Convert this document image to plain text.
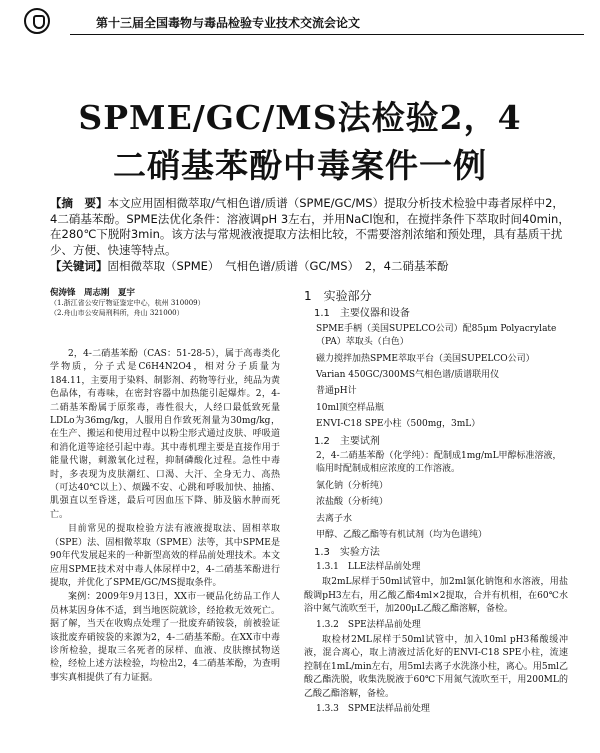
第十三届全国毒物与毒品检验专业技术交流会论文
SPME/GC/MS法检验2，4
二硝基苯酚中毒案件一例

【摘　要】本文应用固相微萃取/气相色谱/质谱（SPME/GC/MS）提取分析技术检验中毒者尿样中2，4二硝基苯酚。SPME法优化条件：溶液调pH 3左右，并用NaCl饱和，在搅拌条件下萃取时间40min，在280℃下脱附3min。该方法与常规液液提取方法相比较，不需要溶剂浓缩和预处理，具有基质干扰少、方便、快速等特点。

【关键词】固相微萃取（SPME）　气相色谱/质谱（GC/MS）　2，4二硝基苯酚
倪涛锋　周志刚　夏宇
（1.浙江省公安厅物证鉴定中心，杭州 310009）
（2.舟山市公安局刑科所，舟山 321000）

2，4-二硝基苯酚（CAS：51-28-5），属于高毒类化学物质，分子式是C6H4N2O4，相对分子质量为184.11，主要用于染料、制影剂、药物等行业，纯品为黄色晶体，有毒味，在密封容器中加热能引起爆炸。2，4-二硝基苯酚属于原浆毒，毒性很大，人经口最低致死量LDLo为36mg/kg，人服用自作致死剂量为30mg/kg，在生产、搬运和使用过程中以粉尘形式通过皮肤、呼吸道和消化道等途径引起中毒。其中毒机理主要是直接作用于能量代谢，刺激氧化过程，抑制磷酸化过程。急性中毒时，多表现为皮肤潮红、口渴、大汗、全身无力、高热（可达40℃以上）、烦躁不安、心跳和呼吸加快、抽搐、肌强直以至昏迷，最后可因血压下降、肺及脑水肿而死亡。

目前常见的提取检验方法有液液提取法、固相萃取（SPE）法、固相微萃取（SPME）法等，其中SPME是90年代发展起来的一种新型高效的样品前处理技术。本文应用SPME技术对中毒人体尿样中2，4-二硝基苯酚进行提取，并优化了SPME/GC/MS提取条件。

案例：2009年9月13日，XX市一硬品化纺品工作人员林某因身体不适，到当地医院就诊，经抢救无效死亡。据了解，当天在收购点处理了一批废弃硝铵袋，前被验证该批废弃硝铵袋的来源为2，4-二硝基苯酚。在XX市中毒诊所检验，提取三名死者的尿样、血液、皮肤擦拭物送检，经检上述方法检验，均检出2，4二硝基苯酚，为查明事实真相提供了有力证据。

1　实验部分
1.1　主要仪器和设备
SPME手柄（美国SUPELCO公司）配85μm Polyacrylate（PA）萃取头（白色）
磁力搅拌加热SPME萃取平台（美国SUPELCO公司）
Varian 450GC/300MS气相色谱/质谱联用仪
普通pH计
10ml顶空样品瓶
ENVI-C18 SPE小柱（500mg，3mL）
1.2　主要试剂
2，4-二硝基苯酚（化学纯）：配制成1mg/mL甲醇标准溶液，临用时配制成相应浓度的工作溶液。
氯化钠（分析纯）
浓盐酸（分析纯）
去离子水
甲醇、乙酸乙酯等有机试剂（均为色谱纯）
1.3　实验方法
1.3.1　LLE法样品前处理

取2mL尿样于50ml试管中，加2ml氯化钠饱和水溶液，用盐酸调pH3左右，用乙酸乙酯4ml×2提取，合并有机相，在60℃水浴中氮气流吹至干，加200μL乙酸乙酯溶解，备检。

1.3.2　SPE法样品前处理

取检材2ML尿样于50ml试管中，加入10ml pH3稀酸缓冲液，混合离心，取上清液过活化好的ENVI-C18 SPE小柱，流速控制在1mL/min左右，用5ml去离子水洗涤小柱，离心。用5ml乙酸乙酯洗脱，收集洗脱液于60℃下用氮气流吹至干，用200ML的乙酸乙酯溶解，备检。

1.3.3　SPME法样品前处理
